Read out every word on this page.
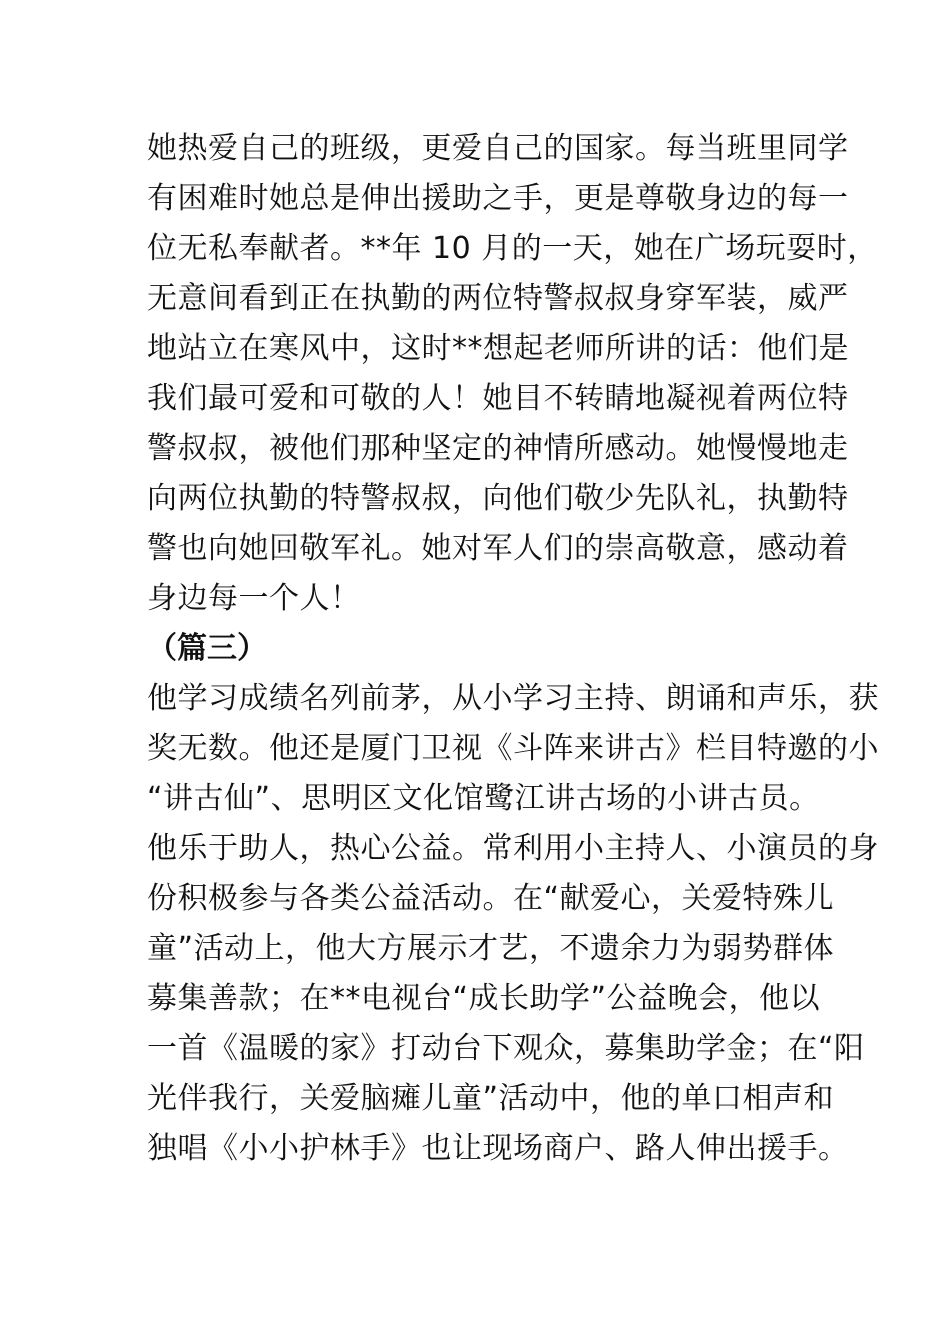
她热爱自己的班级，更爱自己的国家。每当班里同学
有困难时她总是伸出援助之手，更是尊敬身边的每一
位无私奉献者。**年 10 月的一天，她在广场玩耍时，
无意间看到正在执勤的两位特警叔叔身穿军装，威严
地站立在寒风中，这时**想起老师所讲的话：他们是
我们最可爱和可敬的人！她目不转睛地凝视着两位特
警叔叔，被他们那种坚定的神情所感动。她慢慢地走
向两位执勤的特警叔叔，向他们敬少先队礼，执勤特
警也向她回敬军礼。她对军人们的崇高敬意，感动着
身边每一个人！
（篇三）
他学习成绩名列前茅，从小学习主持、朗诵和声乐，获
奖无数。他还是厦门卫视《斗阵来讲古》栏目特邀的小
“讲古仙”、思明区文化馆鹭江讲古场的小讲古员。
他乐于助人，热心公益。常利用小主持人、小演员的身
份积极参与各类公益活动。在“献爱心，关爱特殊儿
童”活动上，他大方展示才艺，不遗余力为弱势群体
募集善款；在**电视台“成长助学”公益晚会，他以
一首《温暖的家》打动台下观众，募集助学金；在“阳
光伴我行，关爱脑瘫儿童”活动中，他的单口相声和
独唱《小小护林手》也让现场商户、路人伸出援手。
